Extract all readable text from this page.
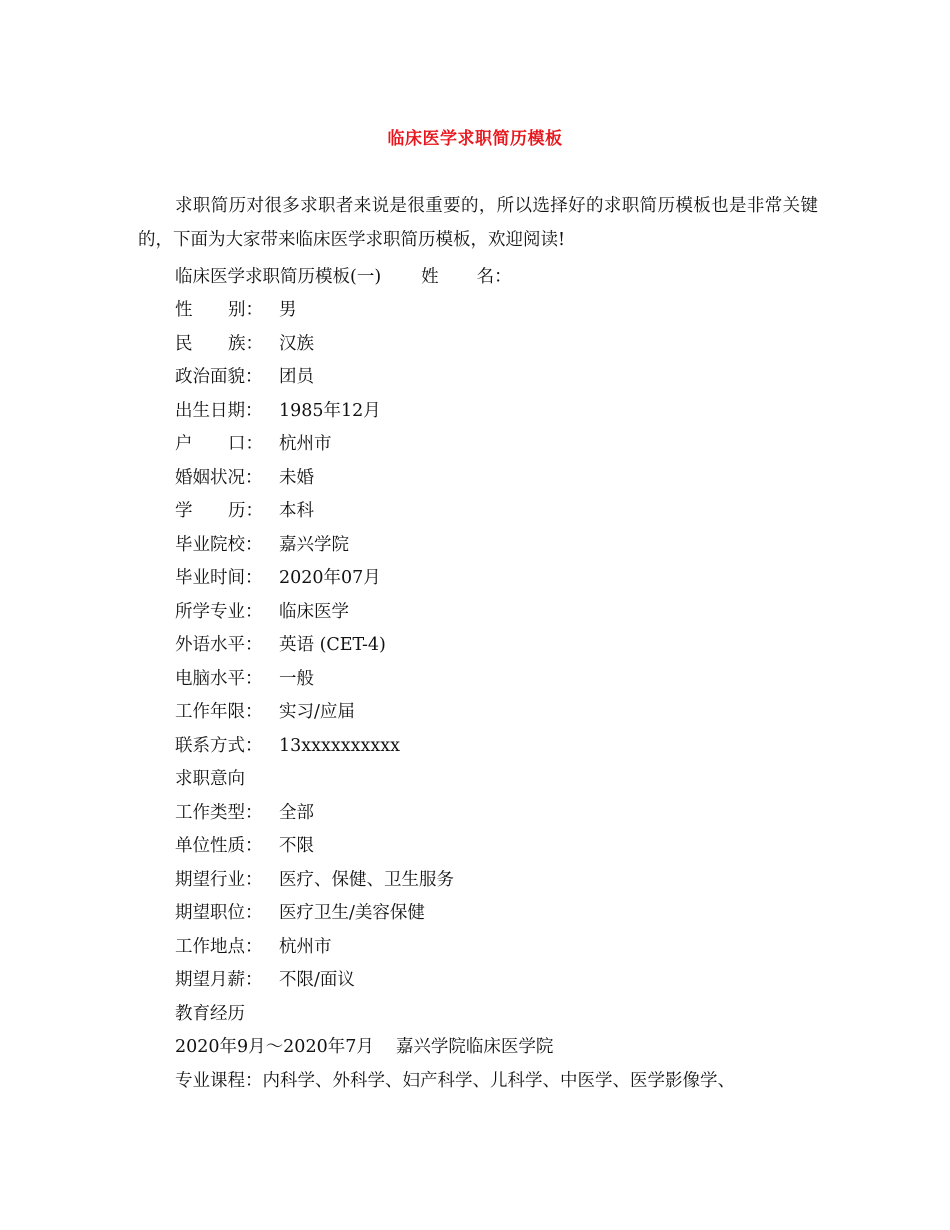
临床医学求职简历模板
求职简历对很多求职者来说是很重要的，所以选择好的求职简历模板也是非常关键的，下面为大家带来临床医学求职简历模板，欢迎阅读!
临床医学求职简历模板(一) 姓 名：
性 别： 男
民 族： 汉族
政治面貌： 团员
出生日期： 1985年12月
户 口： 杭州市
婚姻状况： 未婚
学 历： 本科
毕业院校： 嘉兴学院
毕业时间： 2020年07月
所学专业： 临床医学
外语水平： 英语 (CET-4)
电脑水平： 一般
工作年限： 实习/应届
联系方式： 13xxxxxxxxxx
求职意向
工作类型： 全部
单位性质： 不限
期望行业： 医疗、保健、卫生服务
期望职位： 医疗卫生/美容保健
工作地点： 杭州市
期望月薪： 不限/面议
教育经历
2020年9月～2020年7月 嘉兴学院临床医学院
专业课程：内科学、外科学、妇产科学、儿科学、中医学、医学影像学、
